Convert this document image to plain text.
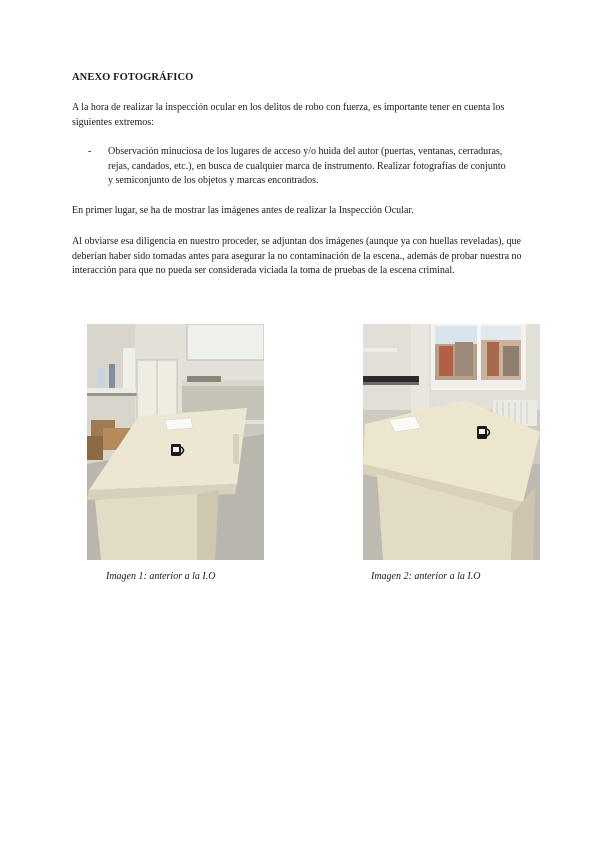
ANEXO FOTOGRÁFICO

A la hora de realizar la inspección ocular en los delitos de robo con fuerza, es importante tener en cuenta los siguientes extremos:

- Observación minuciosa de los lugares de acceso y/o huida del autor (puertas, ventanas, cerraduras, rejas, candados, etc.), en busca de cualquier marca de instrumento. Realizar fotografías de conjunto y semiconjunto de los objetos y marcas encontrados.

En primer lugar, se ha de mostrar las imágenes antes de realizar la Inspección Ocular.

Al obviarse esa diligencia en nuestro proceder, se adjuntan dos imágenes (aunque ya con huellas reveladas), que deberían haber sido tomadas antes para asegurar la no contaminación de la escena., además de probar nuestra no interacción para que no pueda ser considerada viciada la toma de pruebas de la escena criminal.

Imagen 1: anterior a la I.O	Imagen 2: anterior a la I.O
